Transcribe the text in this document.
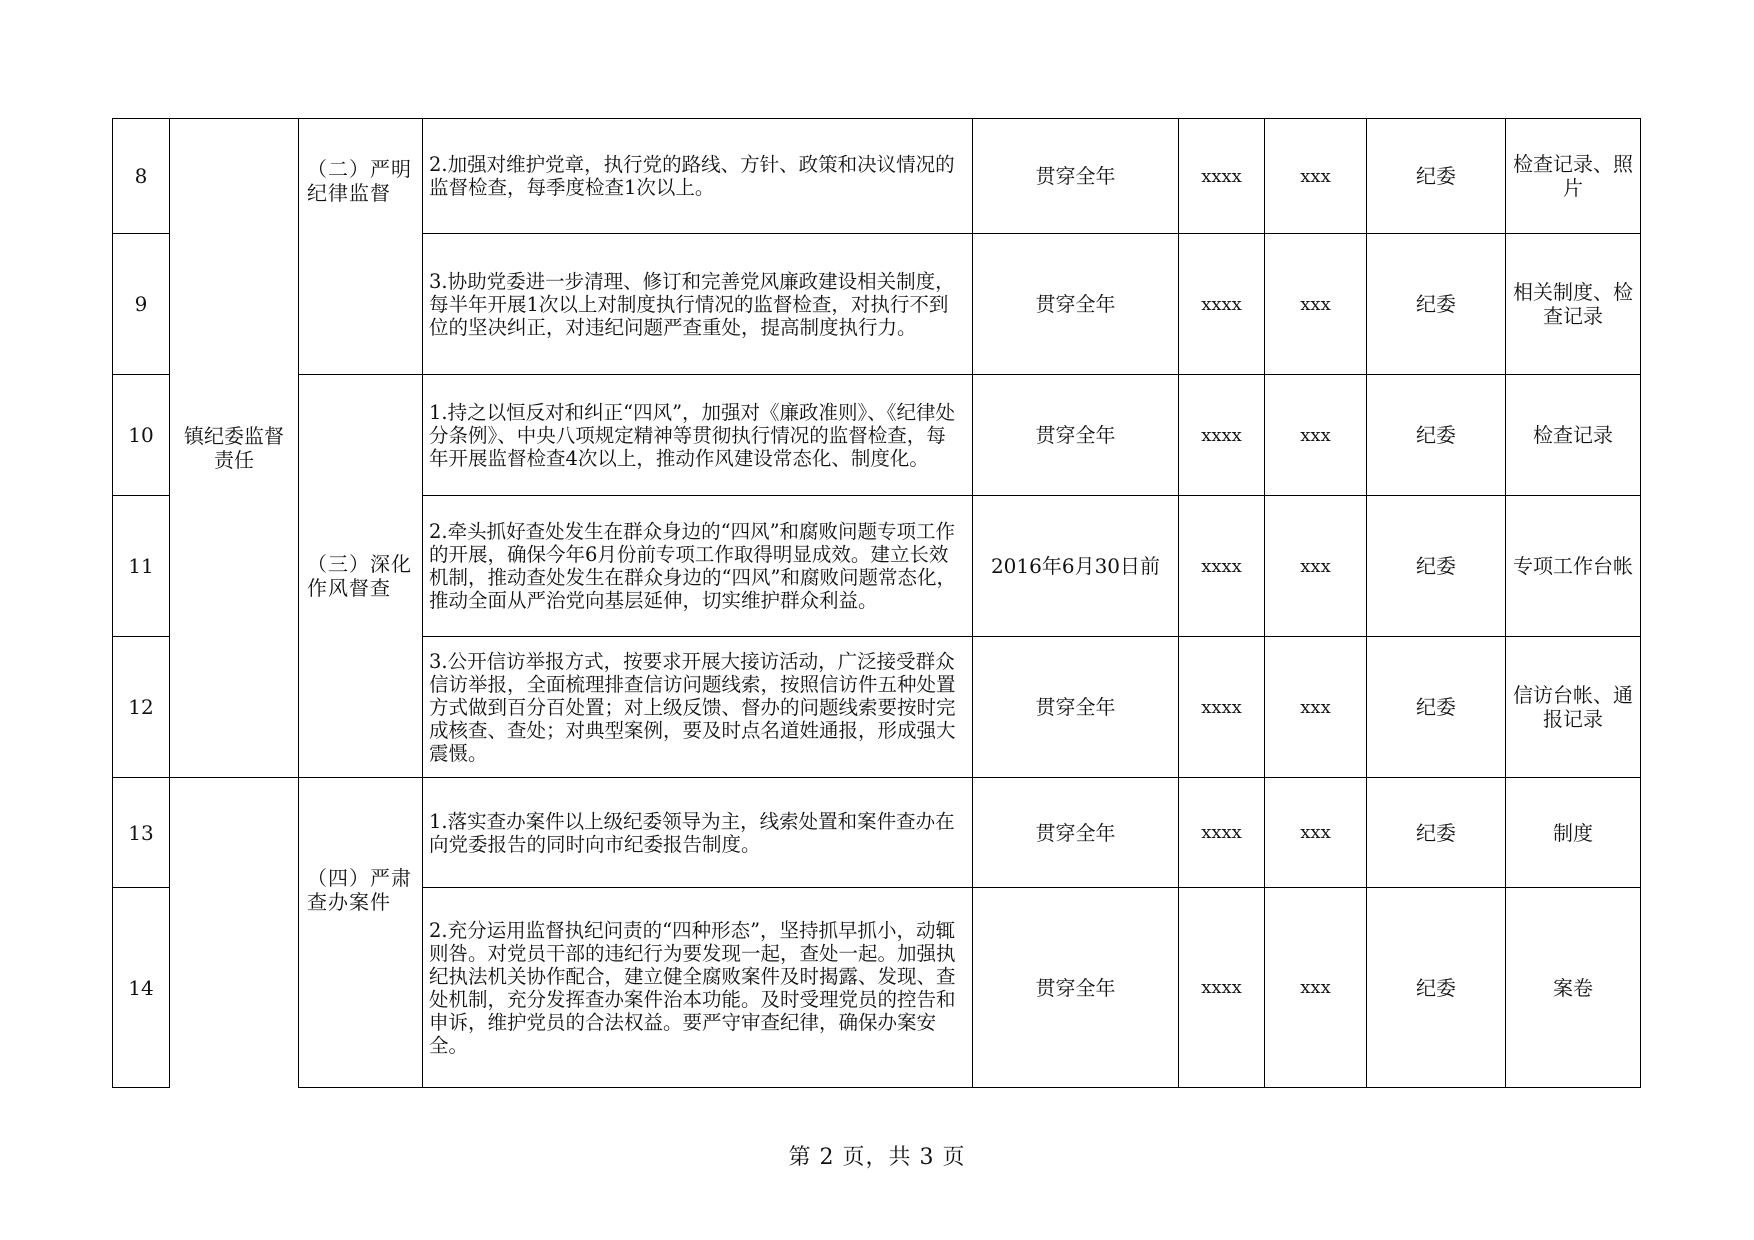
8	镇纪委监督责任	（二）严明纪律监督	2.加强对维护党章，执行党的路线、方针、政策和决议情况的监督检查，每季度检查1次以上。	贯穿全年	xxxx	xxx	纪委	检查记录、照片
9			3.协助党委进一步清理、修订和完善党风廉政建设相关制度，每半年开展1次以上对制度执行情况的监督检查，对执行不到位的坚决纠正，对违纪问题严查重处，提高制度执行力。	贯穿全年	xxxx	xxx	纪委	相关制度、检查记录
10		（三）深化作风督查	1.持之以恒反对和纠正“四风”，加强对《廉政准则》、《纪律处分条例》、中央八项规定精神等贯彻执行情况的监督检查，每年开展监督检查4次以上，推动作风建设常态化、制度化。	贯穿全年	xxxx	xxx	纪委	检查记录
11			2.牵头抓好查处发生在群众身边的“四风”和腐败问题专项工作的开展，确保今年6月份前专项工作取得明显成效。建立长效机制，推动查处发生在群众身边的“四风”和腐败问题常态化，推动全面从严治党向基层延伸，切实维护群众利益。	2016年6月30日前	xxxx	xxx	纪委	专项工作台帐
12			3.公开信访举报方式，按要求开展大接访活动，广泛接受群众信访举报，全面梳理排查信访问题线索，按照信访件五种处置方式做到百分百处置；对上级反馈、督办的问题线索要按时完成核查、查处；对典型案例，要及时点名道姓通报，形成强大震慑。	贯穿全年	xxxx	xxx	纪委	信访台帐、通报记录
13		（四）严肃查办案件	1.落实查办案件以上级纪委领导为主，线索处置和案件查办在向党委报告的同时向市纪委报告制度。	贯穿全年	xxxx	xxx	纪委	制度
14			2.充分运用监督执纪问责的“四种形态”，坚持抓早抓小，动辄则咎。对党员干部的违纪行为要发现一起，查处一起。加强执纪执法机关协作配合，建立健全腐败案件及时揭露、发现、查处机制，充分发挥查办案件治本功能。及时受理党员的控告和申诉，维护党员的合法权益。要严守审查纪律，确保办案安全。	贯穿全年	xxxx	xxx	纪委	案卷
第 2 页，共 3 页
